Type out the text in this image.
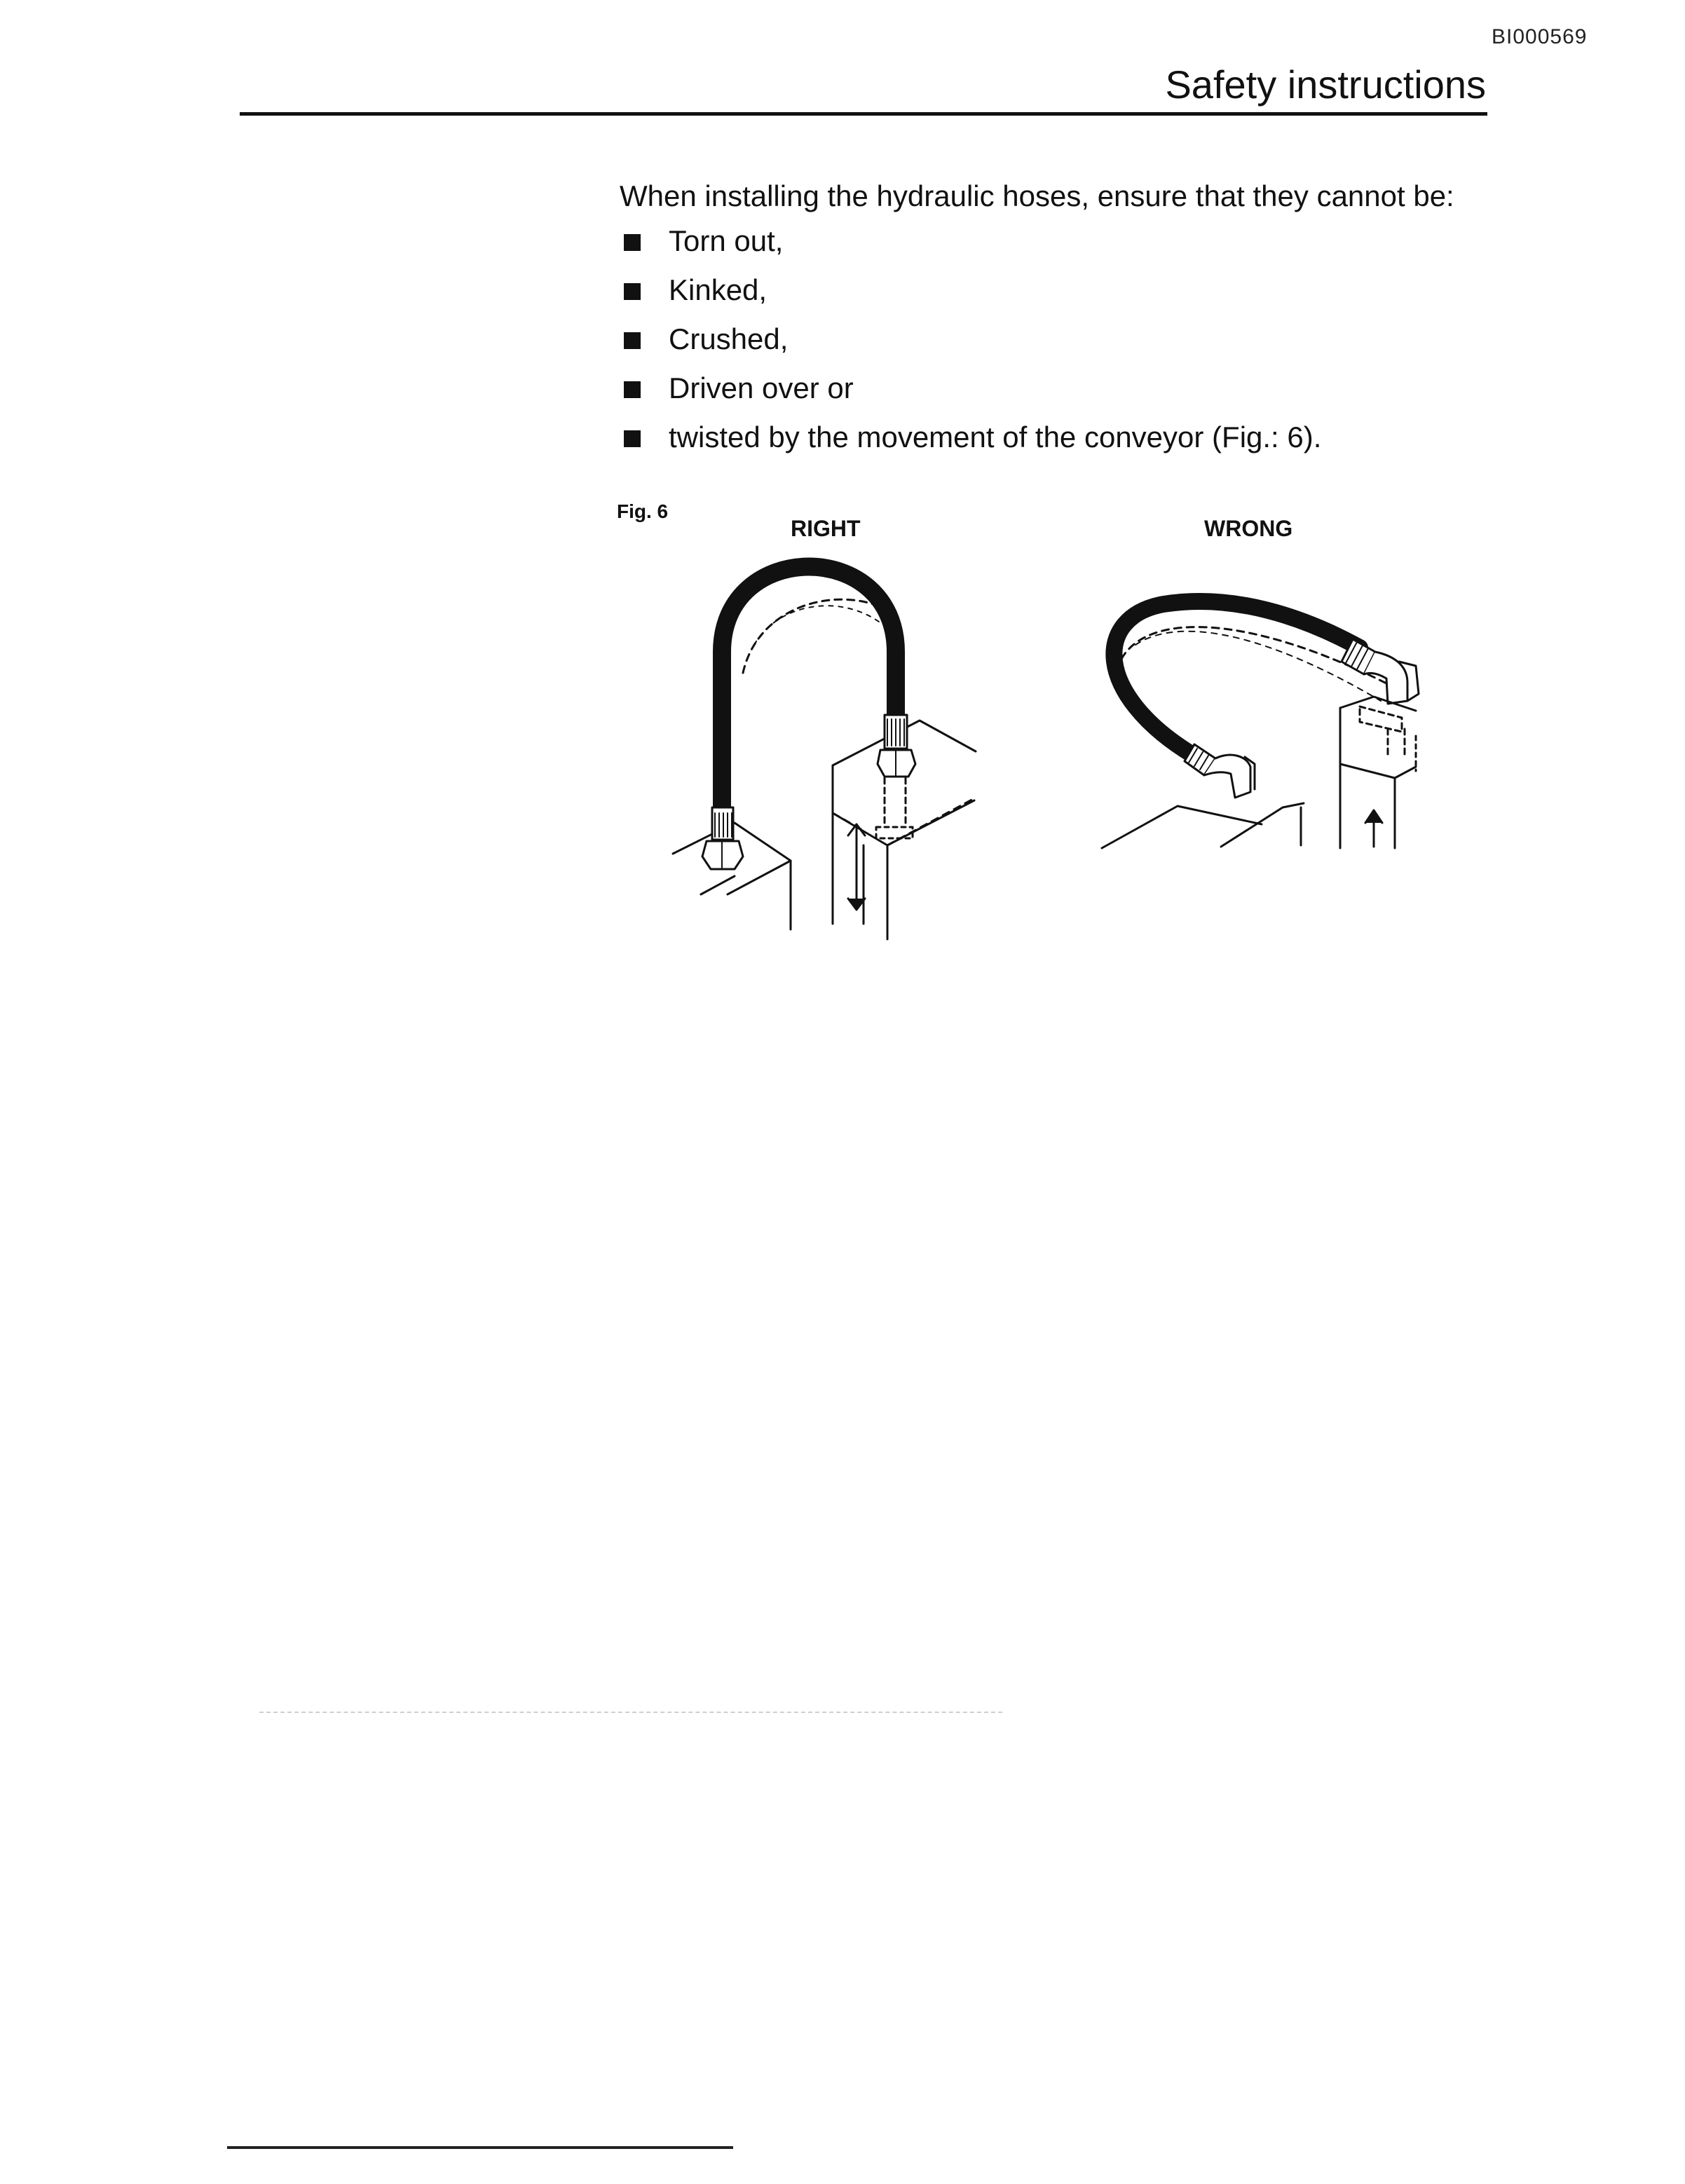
BI000569
Safety instructions

When installing the hydraulic hoses, ensure that they cannot be:

Torn out,
Kinked,
Crushed,
Driven over or
twisted by the movement of the conveyor (Fig.: 6).
Fig. 6
RIGHT	WRONG
